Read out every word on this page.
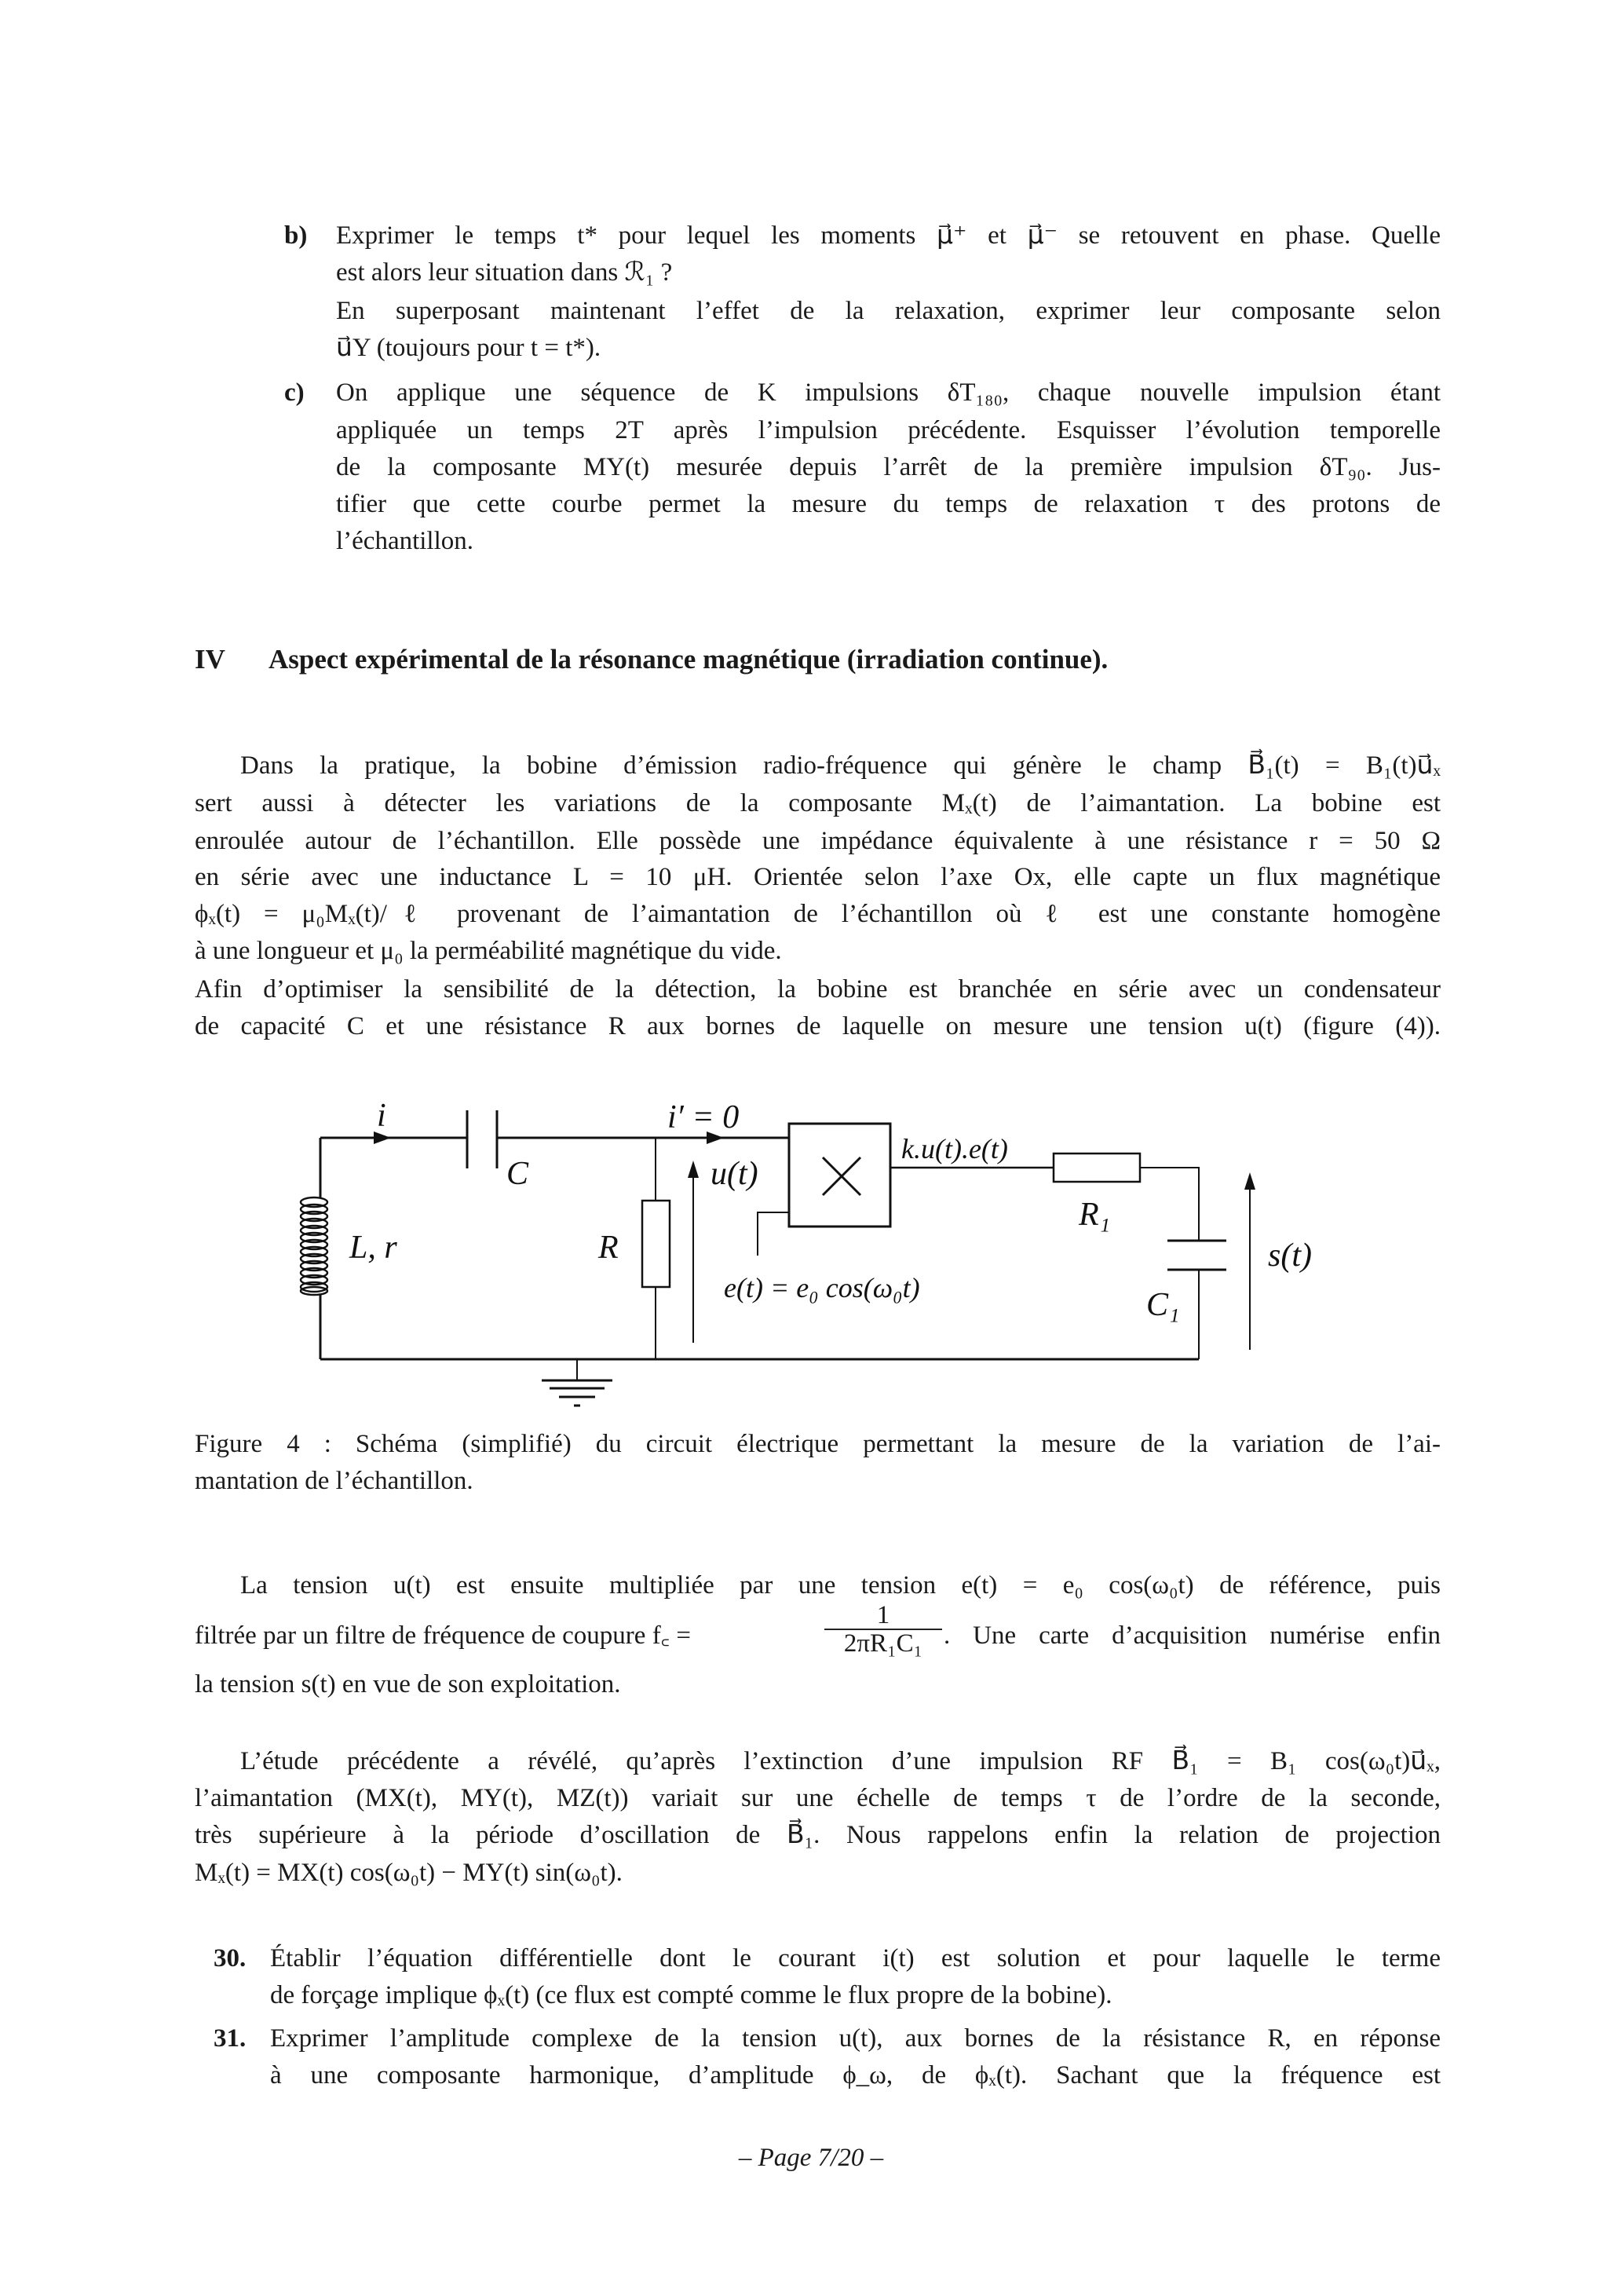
b) Exprimer le temps t* pour lequel les moments μ⃗⁺ et μ⃗⁻ se retouvent en phase. Quelle
est alors leur situation dans ℛ₁ ?
En superposant maintenant l’effet de la relaxation, exprimer leur composante selon
u⃗Y (toujours pour t = t*).
c) On applique une séquence de K impulsions δT₁₈₀, chaque nouvelle impulsion étant
appliquée un temps 2T après l’impulsion précédente. Esquisser l’évolution temporelle
de la composante MY(t) mesurée depuis l’arrêt de la première impulsion δT₉₀. Jus-
tifier que cette courbe permet la mesure du temps de relaxation τ des protons de
l’échantillon.
IV Aspect expérimental de la résonance magnétique (irradiation continue).
Dans la pratique, la bobine d’émission radio-fréquence qui génère le champ B⃗₁(t) = B₁(t)u⃗ₓ
sert aussi à détecter les variations de la composante Mₓ(t) de l’aimantation. La bobine est
enroulée autour de l’échantillon. Elle possède une impédance équivalente à une résistance r = 50 Ω
en série avec une inductance L = 10 μH. Orientée selon l’axe Ox, elle capte un flux magnétique
ϕₓ(t) = μ₀Mₓ(t)/ℓ provenant de l’aimantation de l’échantillon où ℓ est une constante homogène
à une longueur et μ₀ la perméabilité magnétique du vide.
Afin d’optimiser la sensibilité de la détection, la bobine est branchée en série avec un condensateur
de capacité C et une résistance R aux bornes de laquelle on mesure une tension u(t) (figure (4)).
i	i′ = 0
C
L, r	R
u(t)
e(t) = e₀ cos(ω₀t)
k.u(t).e(t)
R₁
C₁
s(t)
Figure 4 : Schéma (simplifié) du circuit électrique permettant la mesure de la variation de l’ai-
mantation de l’échantillon.
La tension u(t) est ensuite multipliée par une tension e(t) = e₀ cos(ω₀t) de référence, puis
filtrée par un filtre de fréquence de coupure f꜀ =	$\frac{1}{\text{2πR₁C₁}}$ . Une carte d’acquisition numérise enfin
la tension s(t) en vue de son exploitation.
L’étude précédente a révélé, qu’après l’extinction d’une impulsion RF B⃗₁ = B₁ cos(ω₀t)u⃗ₓ,
l’aimantation (MX(t), MY(t), MZ(t)) variait sur une échelle de temps τ de l’ordre de la seconde,
très supérieure à la période d’oscillation de B⃗₁. Nous rappelons enfin la relation de projection
Mₓ(t) = MX(t) cos(ω₀t) − MY(t) sin(ω₀t).
30. Établir l’équation différentielle dont le courant i(t) est solution et pour laquelle le terme
de forçage implique ϕₓ(t) (ce flux est compté comme le flux propre de la bobine).
31. Exprimer l’amplitude complexe de la tension u(t), aux bornes de la résistance R, en réponse
à une composante harmonique, d’amplitude ϕ_ω, de ϕₓ(t). Sachant que la fréquence est
– Page 7/20 –
